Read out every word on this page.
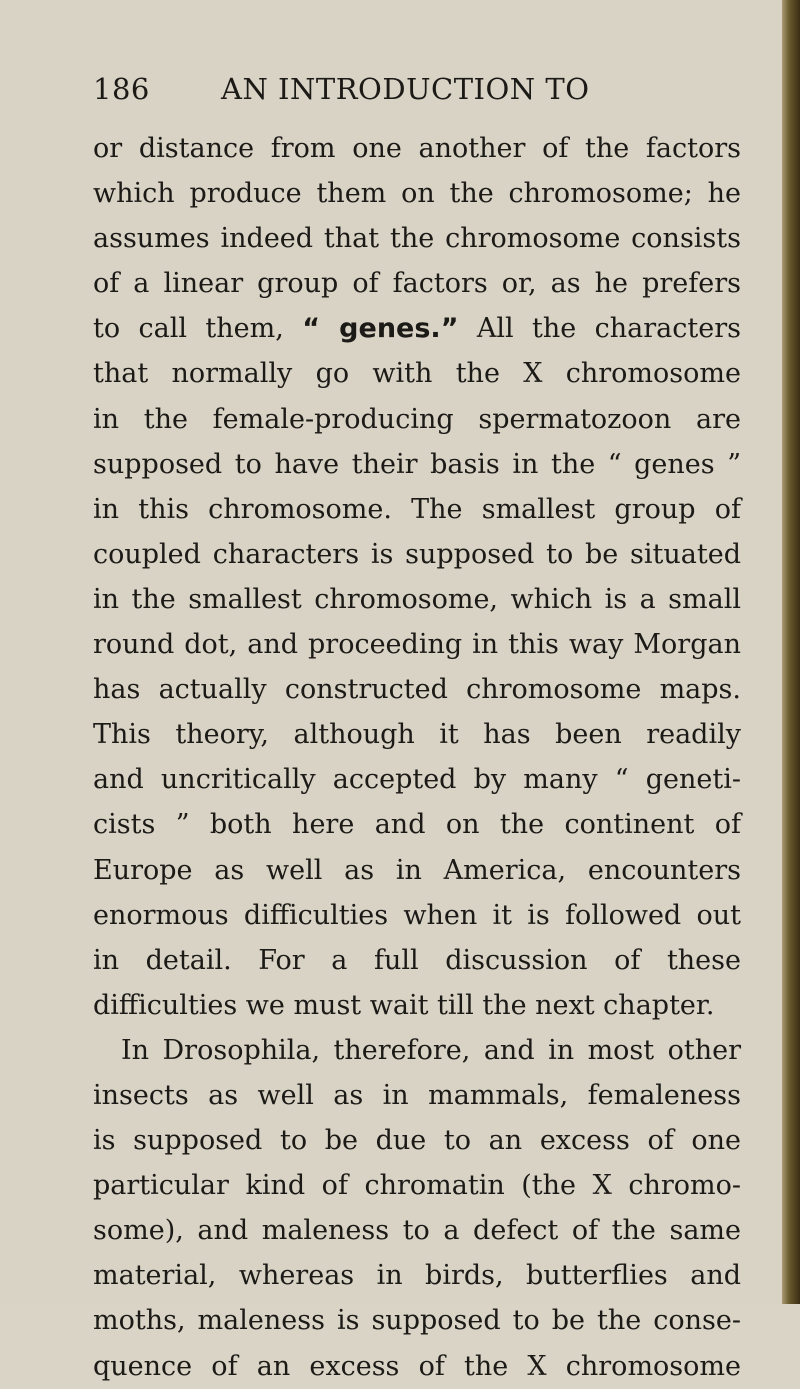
186 AN INTRODUCTION TO
or distance from one another of the factors
which produce them on the chromosome; he
assumes indeed that the chromosome consists
of a linear group of factors or, as he prefers
to call them, “ genes.” All the characters
that normally go with the X chromosome
in the female-producing spermatozoon are
supposed to have their basis in the “ genes ”
in this chromosome. The smallest group of
coupled characters is supposed to be situated
in the smallest chromosome, which is a small
round dot, and proceeding in this way Morgan
has actually constructed chromosome maps.
This theory, although it has been readily
and uncritically accepted by many “ geneti-
cists ” both here and on the continent of
Europe as well as in America, encounters
enormous difficulties when it is followed out
in detail. For a full discussion of these
difficulties we must wait till the next chapter.
In Drosophila, therefore, and in most other
insects as well as in mammals, femaleness
is supposed to be due to an excess of one
particular kind of chromatin (the X chromo-
some), and maleness to a defect of the same
material, whereas in birds, butterflies and
moths, maleness is supposed to be the conse-
quence of an excess of the X chromosome
